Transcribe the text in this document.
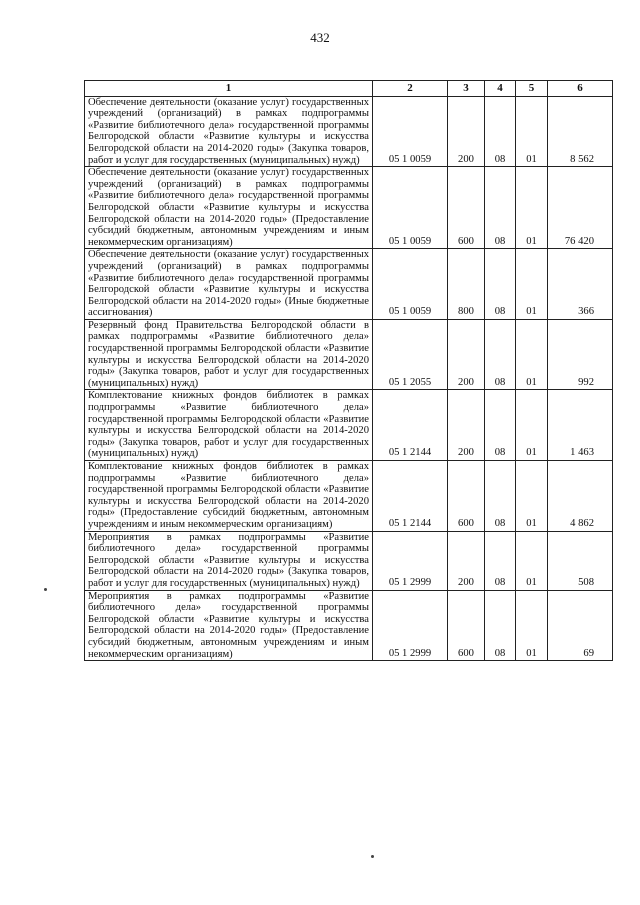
432
1	2	3	4	5	6
Обеспечение деятельности (оказание услуг) государственных учреждений (организаций) в рамках подпрограммы «Развитие библиотечного дела» государственной программы Белгородской области «Развитие культуры и искусства Белгородской области на 2014-2020 годы» (Закупка товаров, работ и услуг для государственных (муниципальных) нужд)	05 1 0059	200	08	01	8 562
Обеспечение деятельности (оказание услуг) государственных учреждений (организаций) в рамках подпрограммы «Развитие библиотечного дела» государственной программы Белгородской области «Развитие культуры и искусства Белгородской области на 2014-2020 годы» (Предоставление субсидий бюджетным, автономным учреждениям и иным некоммерческим организациям)	05 1 0059	600	08	01	76 420
Обеспечение деятельности (оказание услуг) государственных учреждений (организаций) в рамках подпрограммы «Развитие библиотечного дела» государственной программы Белгородской области «Развитие культуры и искусства Белгородской области на 2014-2020 годы» (Иные бюджетные ассигнования)	05 1 0059	800	08	01	366
Резервный фонд Правительства Белгородской области в рамках подпрограммы «Развитие библиотечного дела» государственной программы Белгородской области «Развитие культуры и искусства Белгородской области на 2014-2020 годы» (Закупка товаров, работ и услуг для государственных (муниципальных) нужд)	05 1 2055	200	08	01	992
Комплектование книжных фондов библиотек в рамках подпрограммы «Развитие библиотечного дела» государственной программы Белгородской области «Развитие культуры и искусства Белгородской области на 2014-2020 годы» (Закупка товаров, работ и услуг для государственных (муниципальных) нужд)	05 1 2144	200	08	01	1 463
Комплектование книжных фондов библиотек в рамках подпрограммы «Развитие библиотечного дела» государственной программы Белгородской области «Развитие культуры и искусства Белгородской области на 2014-2020 годы» (Предоставление субсидий бюджетным, автономным учреждениям и иным некоммерческим организациям)	05 1 2144	600	08	01	4 862
Мероприятия в рамках подпрограммы «Развитие библиотечного дела» государственной программы Белгородской области «Развитие культуры и искусства Белгородской области на 2014-2020 годы» (Закупка товаров, работ и услуг для государственных (муниципальных) нужд)	05 1 2999	200	08	01	508
Мероприятия в рамках подпрограммы «Развитие библиотечного дела» государственной программы Белгородской области «Развитие культуры и искусства Белгородской области на 2014-2020 годы» (Предоставление субсидий бюджетным, автономным учреждениям и иным некоммерческим организациям)	05 1 2999	600	08	01	69
